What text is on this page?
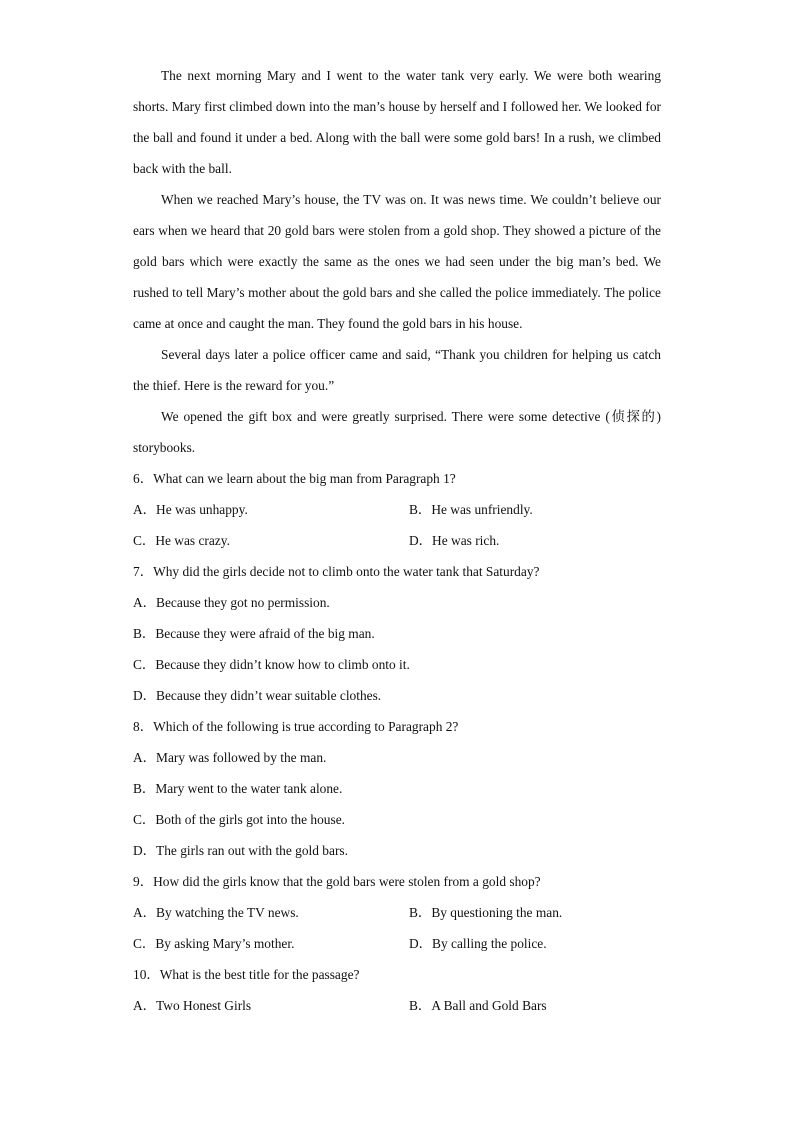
The next morning Mary and I went to the water tank very early. We were both wearing shorts. Mary first climbed down into the man’s house by herself and I followed her. We looked for the ball and found it under a bed. Along with the ball were some gold bars! In a rush, we climbed back with the ball.

When we reached Mary’s house, the TV was on. It was news time. We couldn’t believe our ears when we heard that 20 gold bars were stolen from a gold shop. They showed a picture of the gold bars which were exactly the same as the ones we had seen under the big man’s bed. We rushed to tell Mary’s mother about the gold bars and she called the police immediately. The police came at once and caught the man. They found the gold bars in his house.

Several days later a police officer came and said, “Thank you children for helping us catch the thief. Here is the reward for you.”

We opened the gift box and were greatly surprised. There were some detective (侦探的) storybooks.

6．What can we learn about the big man from Paragraph 1?
A．He was unhappy.	B．He was unfriendly.
C．He was crazy.	D．He was rich.
7．Why did the girls decide not to climb onto the water tank that Saturday?
A．Because they got no permission.
B．Because they were afraid of the big man.
C．Because they didn’t know how to climb onto it.
D．Because they didn’t wear suitable clothes.
8．Which of the following is true according to Paragraph 2?
A．Mary was followed by the man.
B．Mary went to the water tank alone.
C．Both of the girls got into the house.
D．The girls ran out with the gold bars.
9．How did the girls know that the gold bars were stolen from a gold shop?
A．By watching the TV news.	B．By questioning the man.
C．By asking Mary’s mother.	D．By calling the police.
10．What is the best title for the passage?
A．Two Honest Girls	B．A Ball and Gold Bars
